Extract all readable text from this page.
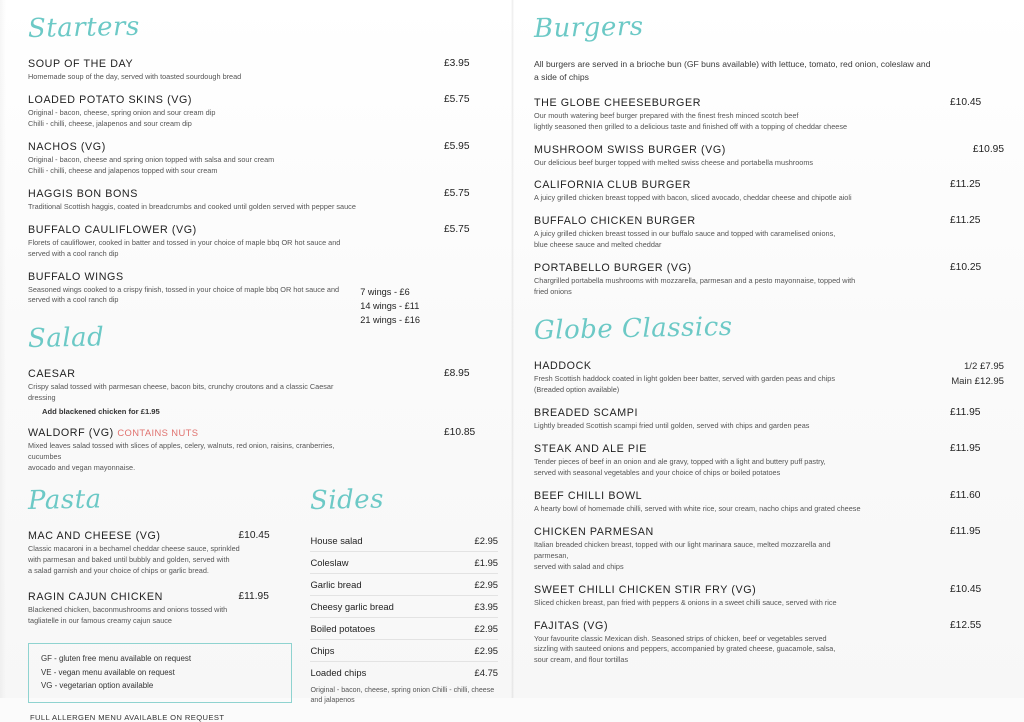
Starters
SOUP OF THE DAY	£3.95
Homemade soup of the day, served with toasted sourdough bread
LOADED POTATO SKINS (VG)	£5.75
Original - bacon, cheese, spring onion and sour cream dip
Chilli - chilli, cheese, jalapenos and sour cream dip
NACHOS (VG)	£5.95
Original - bacon, cheese and spring onion topped with salsa and sour cream
Chilli - chilli, cheese and jalapenos topped with sour cream
HAGGIS BON BONS	£5.75
Traditional Scottish haggis, coated in breadcrumbs and cooked until golden served with pepper sauce
BUFFALO CAULIFLOWER (VG)	£5.75
Florets of cauliflower, cooked in batter and tossed in your choice of maple bbq OR hot sauce and
served with a cool ranch dip
BUFFALO WINGS
Seasoned wings cooked to a crispy finish, tossed in your choice of maple bbq OR hot sauce and
served with a cool ranch dip
7 wings - £6
14 wings - £11
21 wings - £16
Salad
CAESAR	£8.95
Crispy salad tossed with parmesan cheese, bacon bits, crunchy croutons and a classic Caesar dressing
Add blackened chicken for £1.95
WALDORF (VG) CONTAINS NUTS	£10.85
Mixed leaves salad tossed with slices of apples, celery, walnuts, red onion, raisins, cranberries, cucumbes
avocado and vegan mayonnaise.
Pasta
MAC AND CHEESE (VG)	£10.45
Classic macaroni in a bechamel cheddar cheese sauce, sprinkled
with parmesan and baked until bubbly and golden, served with
a salad garnish and your choice of chips or garlic bread.
RAGIN CAJUN CHICKEN	£11.95
Blackened chicken, baconmushrooms and onions tossed with
tagliatelle in our famous creamy cajun sauce
GF - gluten free menu available on request
VE - vegan menu available on request
VG - vegetarian option available
FULL ALLERGEN MENU AVAILABLE ON REQUEST
Sides
House salad	£2.95
Coleslaw	£1.95
Garlic bread	£2.95
Cheesy garlic bread	£3.95
Boiled potatoes	£2.95
Chips	£2.95
Loaded chips	£4.75
Original - bacon, cheese, spring onion Chilli - chilli, cheese and jalapenos
Burgers
All burgers are served in a brioche bun (GF buns available) with lettuce, tomato, red onion, coleslaw and a side of chips
THE GLOBE CHEESEBURGER	£10.45
Our mouth watering beef burger prepared with the finest fresh minced scotch beef
lightly seasoned then grilled to a delicious taste and finished off with a topping of cheddar cheese
MUSHROOM SWISS BURGER (VG)	£10.95
Our delicious beef burger topped with melted swiss cheese and portabella mushrooms
CALIFORNIA CLUB BURGER	£11.25
A juicy grilled chicken breast topped with bacon, sliced avocado, cheddar cheese and chipotle aioli
BUFFALO CHICKEN BURGER	£11.25
A juicy grilled chicken breast tossed in our buffalo sauce and topped with caramelised onions,
blue cheese sauce and melted cheddar
PORTABELLO BURGER (VG)	£10.25
Chargrilled portabella mushrooms with mozzarella, parmesan and a pesto mayonnaise, topped with fried onions
Globe Classics
HADDOCK
Fresh Scottish haddock coated in light golden beer batter, served with garden peas and chips
(Breaded option available)
1/2 £7.95
Main £12.95
BREADED SCAMPI	£11.95
Lightly breaded Scottish scampi fried until golden, served with chips and garden peas
STEAK AND ALE PIE	£11.95
Tender pieces of beef in an onion and ale gravy, topped with a light and buttery puff pastry,
served with seasonal vegetables and your choice of chips or boiled potatoes
BEEF CHILLI BOWL	£11.60
A hearty bowl of homemade chilli, served with white rice, sour cream, nacho chips and grated cheese
CHICKEN PARMESAN	£11.95
Italian breaded chicken breast, topped with our light marinara sauce, melted mozzarella and parmesan,
served with salad and chips
SWEET CHILLI CHICKEN STIR FRY (VG)	£10.45
Sliced chicken breast, pan fried with peppers & onions in a sweet chilli sauce, served with rice
FAJITAS (VG)	£12.55
Your favourite classic Mexican dish. Seasoned strips of chicken, beef or vegetables served
sizzling with sauteed onions and peppers, accompanied by grated cheese, guacamole, salsa,
sour cream, and flour tortillas
